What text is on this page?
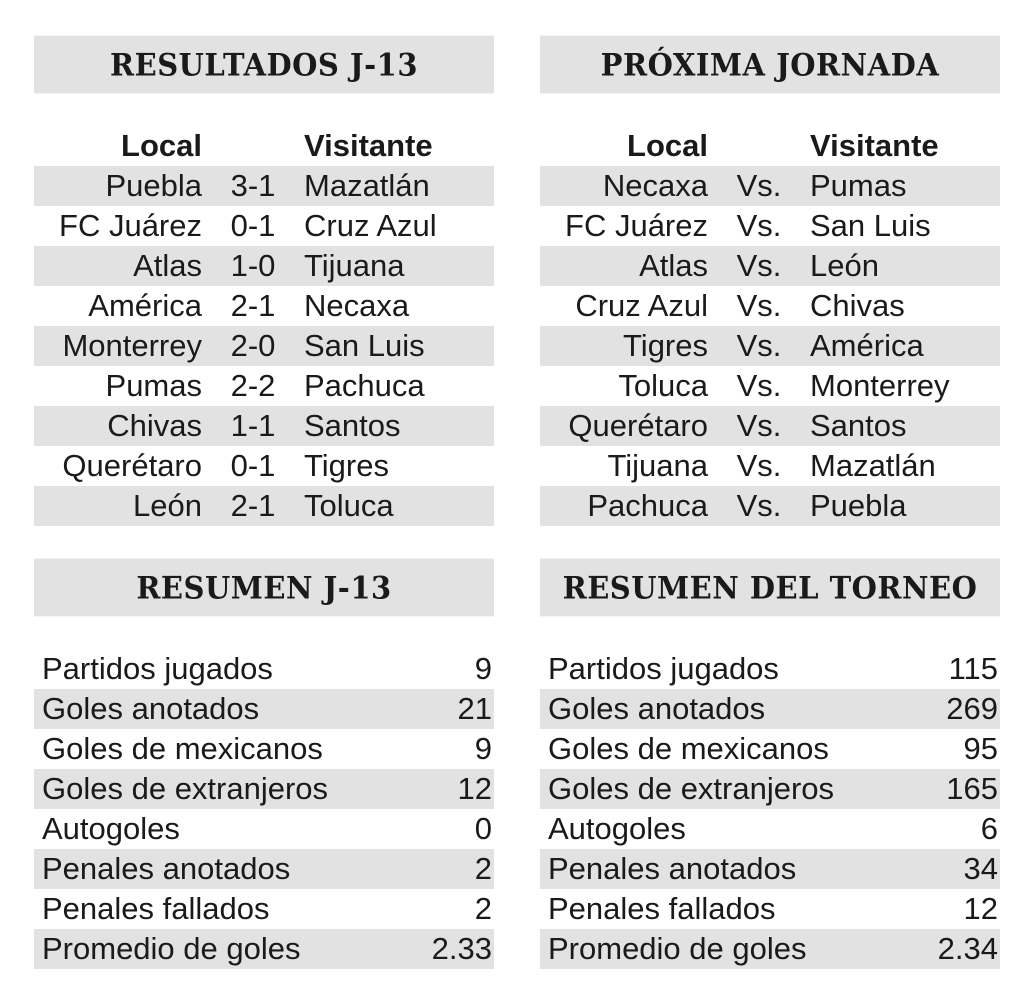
RESULTADOS J-13
Local	Visitante
Puebla 3-1 Mazatlán
FC Juárez 0-1 Cruz Azul
Atlas 1-0 Tijuana
América 2-1 Necaxa
Monterrey 2-0 San Luis
Pumas 2-2 Pachuca
Chivas 1-1 Santos
Querétaro 0-1 Tigres
León 2-1 Toluca
PRÓXIMA JORNADA
Local	Visitante
Necaxa Vs. Pumas
FC Juárez Vs. San Luis
Atlas Vs. León
Cruz Azul Vs. Chivas
Tigres Vs. América
Toluca Vs. Monterrey
Querétaro Vs. Santos
Tijuana Vs. Mazatlán
Pachuca Vs. Puebla
RESUMEN J-13
Partidos jugados	9
Goles anotados	21
Goles de mexicanos	9
Goles de extranjeros	12
Autogoles	0
Penales anotados	2
Penales fallados	2
Promedio de goles	2.33
RESUMEN DEL TORNEO
Partidos jugados	115
Goles anotados	269
Goles de mexicanos	95
Goles de extranjeros	165
Autogoles	6
Penales anotados	34
Penales fallados	12
Promedio de goles	2.34
